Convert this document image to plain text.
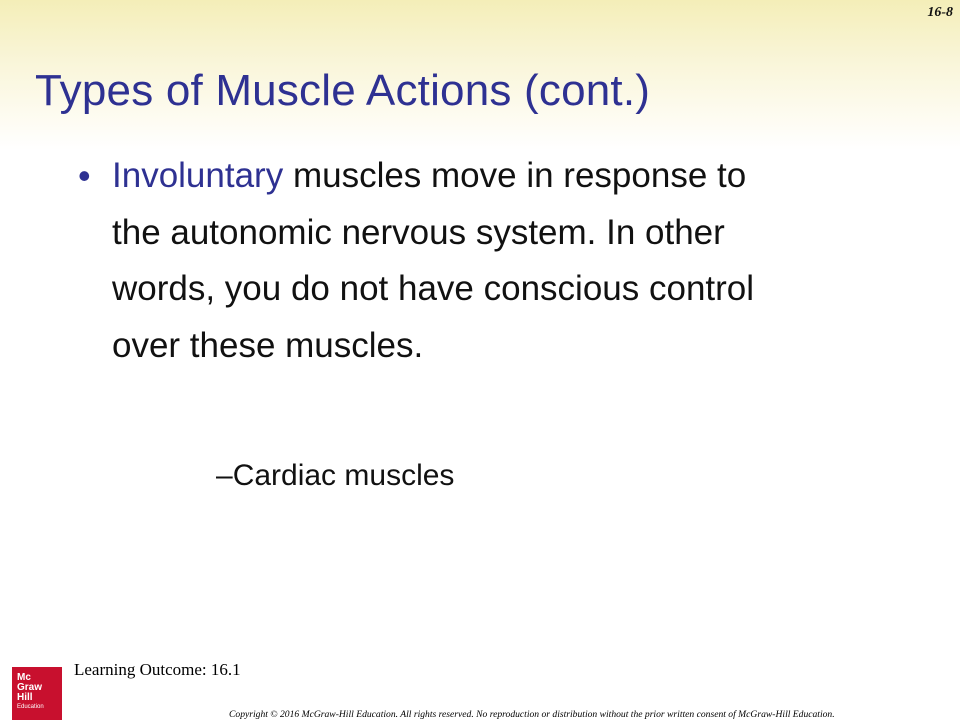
16-8
Types of Muscle Actions (cont.)
• Involuntary muscles move in response to the autonomic nervous system. In other words, you do not have conscious control over these muscles.

–Cardiac muscles
Learning Outcome: 16.1
Mc
Graw
Hill
Education
Copyright © 2016 McGraw-Hill Education. All rights reserved. No reproduction or distribution without the prior written consent of McGraw-Hill Education.
